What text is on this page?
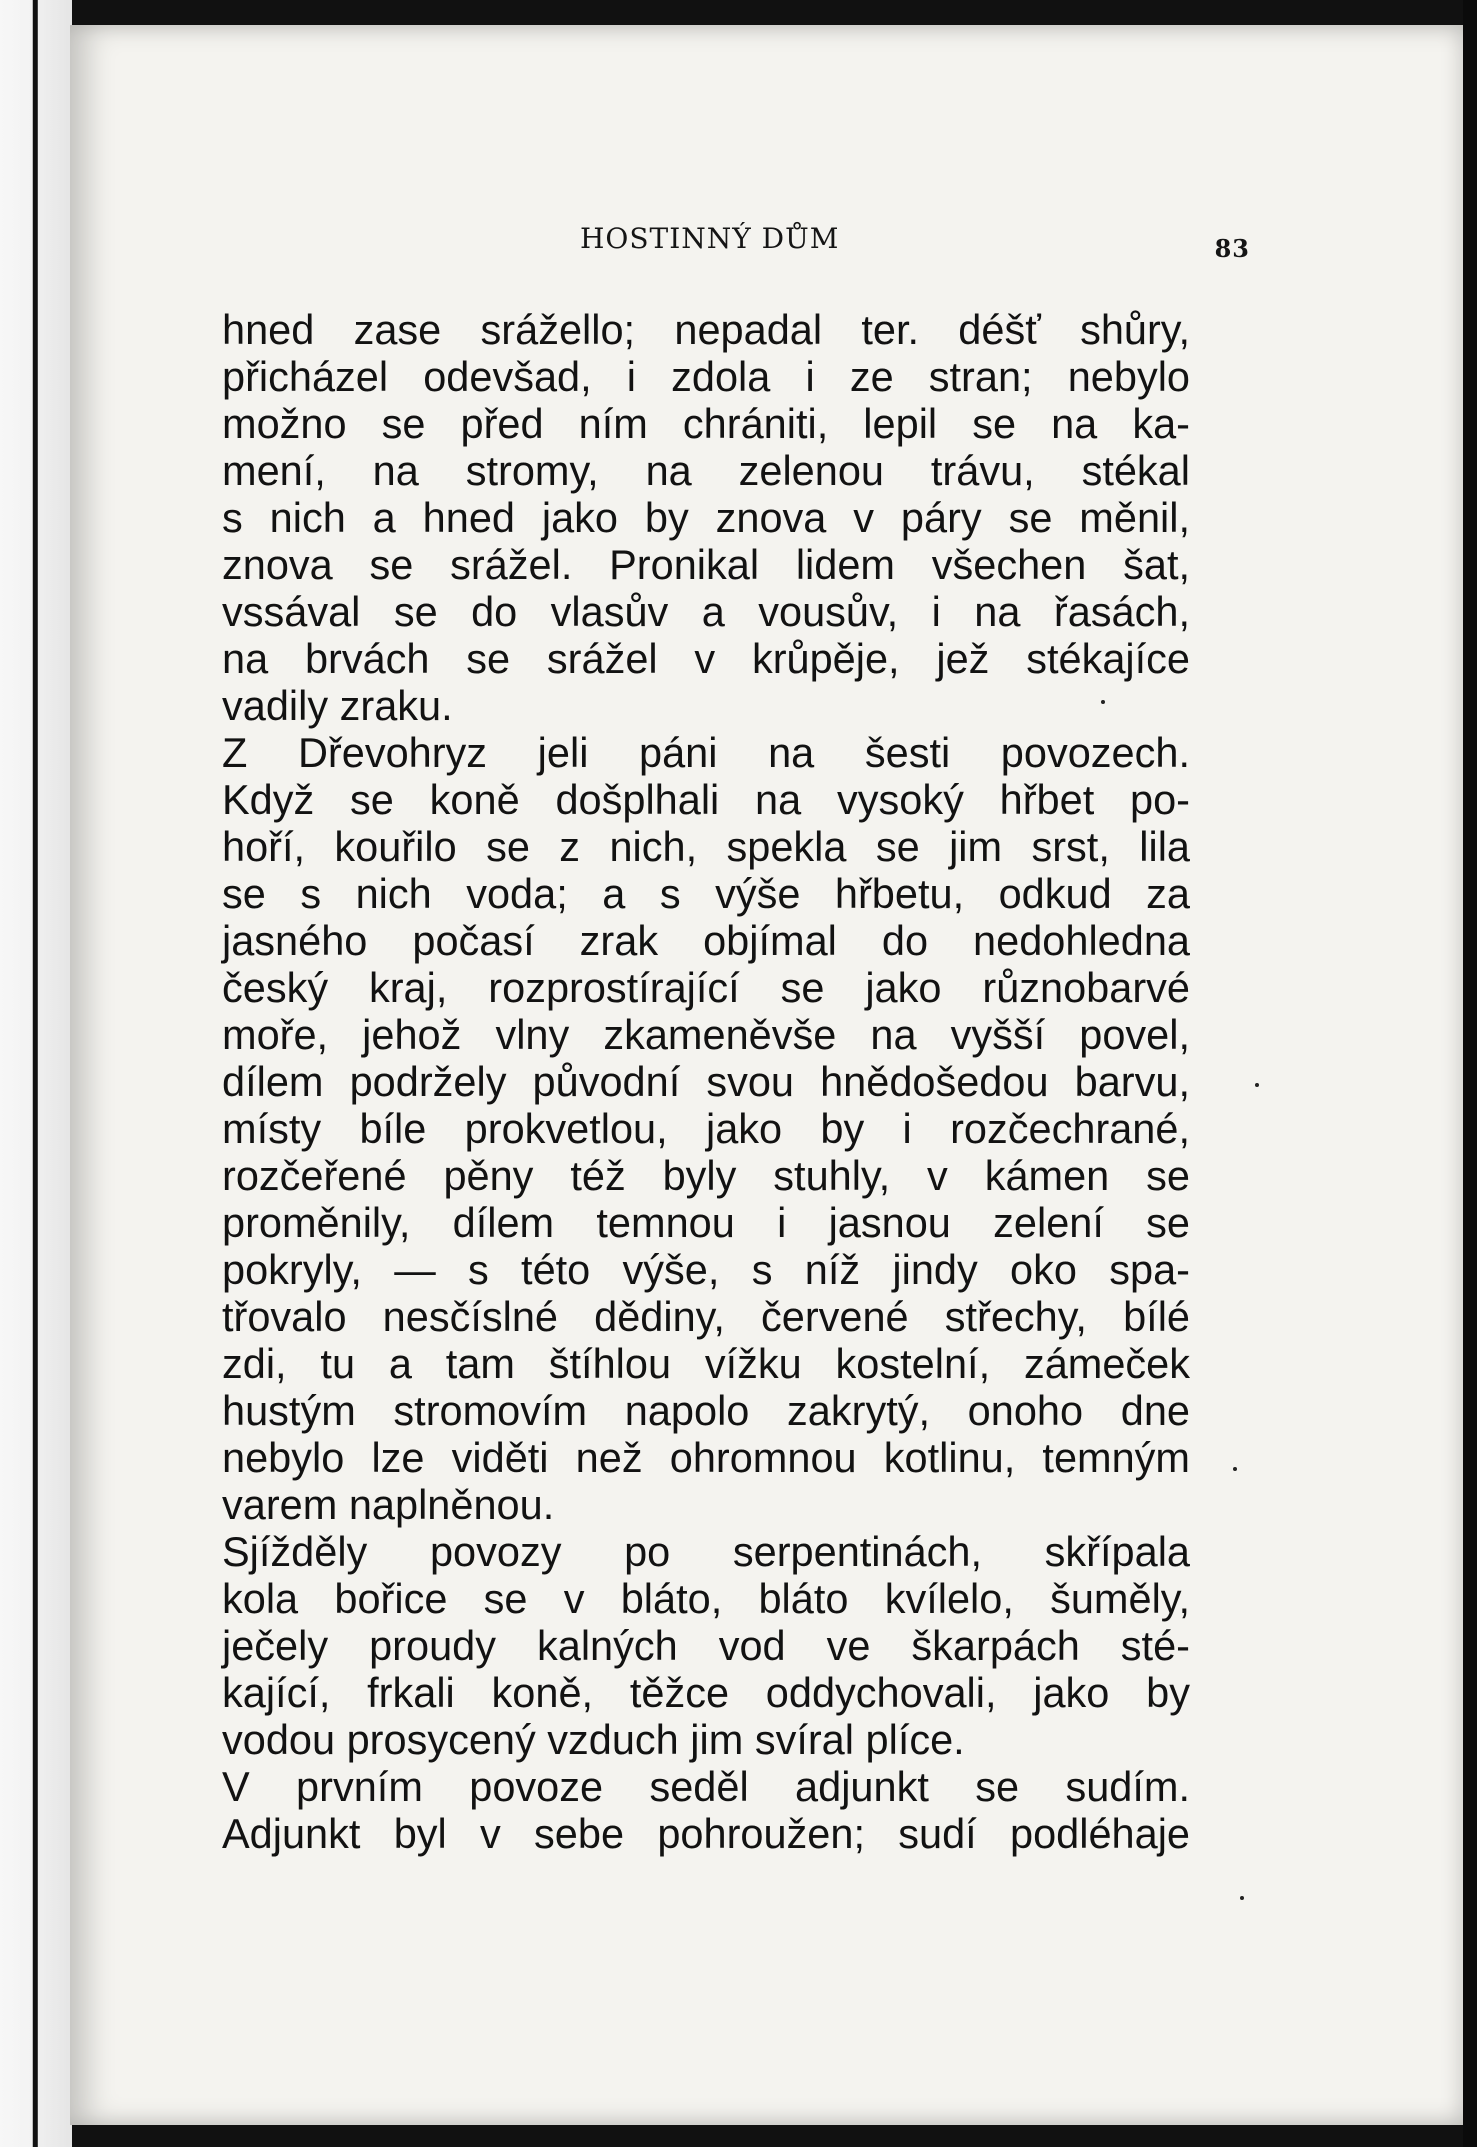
HOSTINNÝ DŮM	83
hned zase srážello; nepadal ter. déšť shůry,
přicházel odevšad, i zdola i ze stran; nebylo
možno se před ním chrániti, lepil se na ka-
mení, na stromy, na zelenou trávu, stékal
s nich a hned jako by znova v páry se měnil,
znova se srážel. Pronikal lidem všechen šat,
vssával se do vlasův a vousův, i na řasách,
na brvách se srážel v krůpěje, jež stékajíce
vadily zraku.
Z Dřevohryz jeli páni na šesti povozech.
Když se koně došplhali na vysoký hřbet po-
hoří, kouřilo se z nich, spekla se jim srst, lila
se s nich voda; a s výše hřbetu, odkud za
jasného počasí zrak objímal do nedohledna
český kraj, rozprostírající se jako různobarvé
moře, jehož vlny zkameněvše na vyšší povel,
dílem podržely původní svou hnědošedou barvu,
místy bíle prokvetlou, jako by i rozčechrané,
rozčeřené pěny též byly stuhly, v kámen se
proměnily, dílem temnou i jasnou zelení se
pokryly, — s této výše, s níž jindy oko spa-
třovalo nesčíslné dědiny, červené střechy, bílé
zdi, tu a tam štíhlou vížku kostelní, zámeček
hustým stromovím napolo zakrytý, onoho dne
nebylo lze viděti než ohromnou kotlinu, temným
varem naplněnou.
Sjížděly povozy po serpentinách, skřípala
kola bořice se v bláto, bláto kvílelo, šuměly,
ječely proudy kalných vod ve škarpách sté-
kající, frkali koně, těžce oddychovali, jako by
vodou prosycený vzduch jim svíral plíce.
V prvním povoze seděl adjunkt se sudím.
Adjunkt byl v sebe pohroužen; sudí podléhaje
